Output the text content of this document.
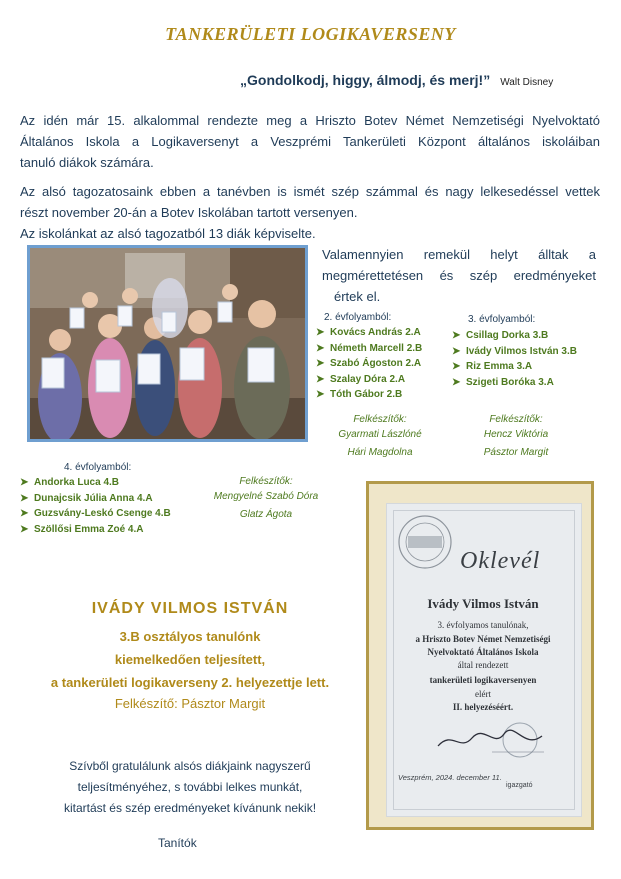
TANKERÜLETI LOGIKAVERSENY
„Gondolkodj, higgy, álmodj, és merj!” Walt Disney
Az idén már 15. alkalommal rendezte meg a Hriszto Botev Német Nemzetiségi Nyelvoktató
Általános Iskola a Logikaversenyt a Veszprémi Tankerületi Központ általános iskoláiban
tanuló diákok számára.
Az alsó tagozatosaink ebben a tanévben is ismét szép számmal és nagy lelkesedéssel vettek
részt november 20-án a Botev Iskolában tartott versenyen.
Az iskolánkat az alsó tagozatból 13 diák képviselte.
Valamennyien remekül helyt álltak a
megmérettetésen és szép eredményeket
értek el.
2. évfolyamból:
➤ Kovács András 2.A
➤ Németh Marcell 2.B
➤ Szabó Ágoston 2.A
➤ Szalay Dóra 2.A
➤ Tóth Gábor 2.B
3. évfolyamból:
➤ Csillag Dorka 3.B
➤ Ivády Vilmos István 3.B
➤ Riz Emma 3.A
➤ Szigeti Boróka 3.A
Felkészítők:
Gyarmati Lászlóné
Hári Magdolna
Felkészítők:
Hencz Viktória
Pásztor Margit
4. évfolyamból:
➤ Andorka Luca 4.B
➤ Dunajcsik Júlia Anna 4.A
➤ Guzsvány-Leskó Csenge 4.B
➤ Szöllősi Emma Zoé 4.A
Felkészítők:
Mengyelné Szabó Dóra
Glatz Ágota
IVÁDY VILMOS ISTVÁN
3.B osztályos tanulónk
kiemelkedően teljesített,
a tankerületi logikaverseny 2. helyezettje lett.
Felkészítő: Pásztor Margit
Szívből gratulálunk alsós diákjaink nagyszerű
teljesítményéhez, s további lelkes munkát,
kitartást és szép eredményeket kívánunk nekik!
Tanítók
Oklevél
Ivády Vilmos István
3. évfolyamos tanulónak,
a Hriszto Botev Német Nemzetiségi
Nyelvoktató Általános Iskola
által rendezett
tankerületi logikaversenyen
elért
II. helyezéséért.
Veszprém, 2024. december 11.
igazgató
